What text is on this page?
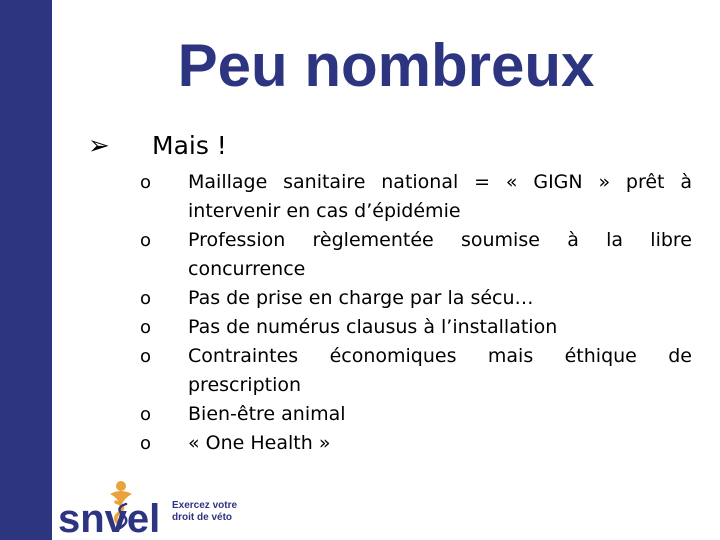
Peu nombreux
➢	Mais !
o	Maillage sanitaire national = « GIGN » prêt à intervenir en cas d’épidémie
o	Profession règlementée soumise à la libre concurrence
o	Pas de prise en charge par la sécu…
o	Pas de numérus clausus à l’installation
o	Contraintes économiques mais éthique de prescription
o	Bien-être animal
o	« One Health »
snvel Exercez votre
droit de véto
